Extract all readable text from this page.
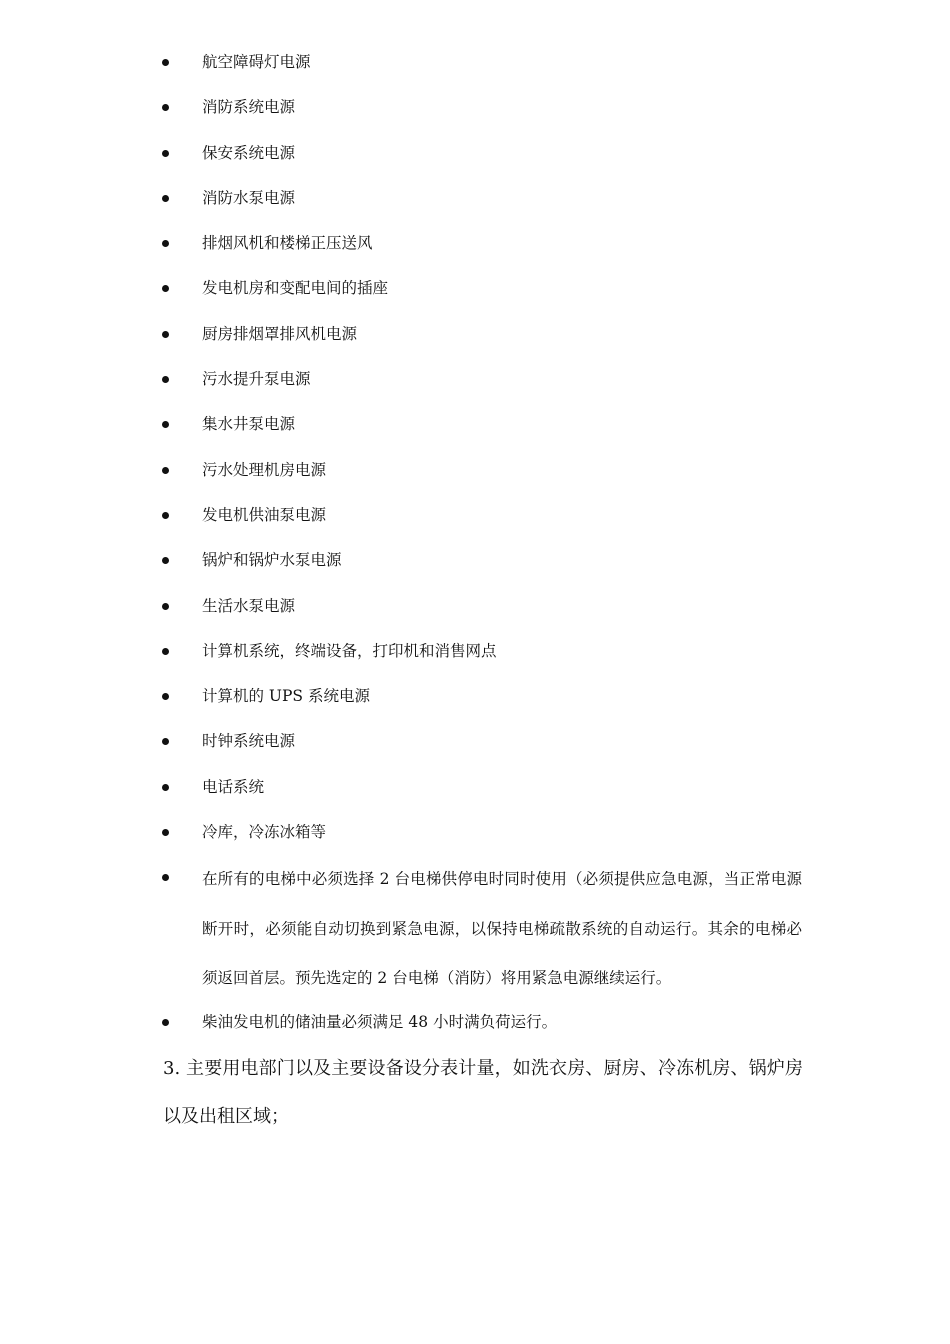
航空障碍灯电源
消防系统电源
保安系统电源
消防水泵电源
排烟风机和楼梯正压送风
发电机房和变配电间的插座
厨房排烟罩排风机电源
污水提升泵电源
集水井泵电源
污水处理机房电源
发电机供油泵电源
锅炉和锅炉水泵电源
生活水泵电源
计算机系统，终端设备，打印机和消售网点
计算机的 UPS 系统电源
时钟系统电源
电话系统
冷库，冷冻冰箱等
在所有的电梯中必须选择 2 台电梯供停电时同时使用（必须提供应急电源，当正常电源断开时，必须能自动切换到紧急电源，以保持电梯疏散系统的自动运行。其余的电梯必须返回首层。预先选定的 2 台电梯（消防）将用紧急电源继续运行。
柴油发电机的储油量必须满足 48 小时满负荷运行。

3. 主要用电部门以及主要设备设分表计量，如洗衣房、厨房、冷冻机房、锅炉房以及出租区域；
